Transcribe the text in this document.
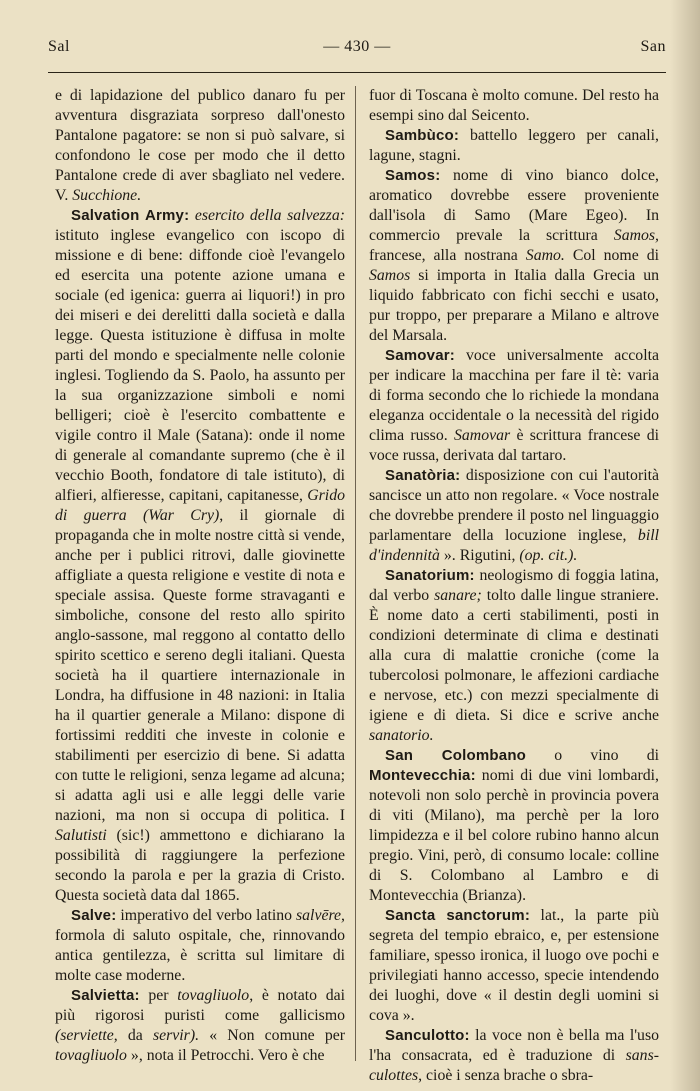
Sal	— 430 —	San

e di lapidazione del publico danaro fu per avventura disgraziata sorpreso dall'onesto Pantalone pagatore: se non si può salvare, si confondono le cose per modo che il detto Pantalone crede di aver sbagliato nel vedere. V. Succhione.

Salvation Army: esercito della salvezza: istituto inglese evangelico con iscopo di missione e di bene: diffonde cioè l'evangelo ed esercita una potente azione umana e sociale (ed igenica: guerra ai liquori!) in pro dei miseri e dei derelitti dalla società e dalla legge. Questa istituzione è diffusa in molte parti del mondo e specialmente nelle colonie inglesi. Togliendo da S. Paolo, ha assunto per la sua organizzazione simboli e nomi belligeri; cioè è l'esercito combattente e vigile contro il Male (Satana): onde il nome di generale al comandante supremo (che è il vecchio Booth, fondatore di tale istituto), di alfieri, alfieresse, capitani, capitanesse, Grido di guerra (War Cry), il giornale di propaganda che in molte nostre città si vende, anche per i publici ritrovi, dalle giovinette affigliate a questa religione e vestite di nota e speciale assisa. Queste forme stravaganti e simboliche, consone del resto allo spirito anglo-sassone, mal reggono al contatto dello spirito scettico e sereno degli italiani. Questa società ha il quartiere internazionale in Londra, ha diffusione in 48 nazioni: in Italia ha il quartier generale a Milano: dispone di fortissimi redditi che investe in colonie e stabilimenti per esercizio di bene. Si adatta con tutte le religioni, senza legame ad alcuna; si adatta agli usi e alle leggi delle varie nazioni, ma non si occupa di politica. I Salutisti (sic!) ammettono e dichiarano la possibilità di raggiungere la perfezione secondo la parola e per la grazia di Cristo. Questa società data dal 1865.

Salve: imperativo del verbo latino salvēre, formola di saluto ospitale, che, rinnovando antica gentilezza, è scritta sul limitare di molte case moderne.

Salvietta: per tovagliuolo, è notato dai più rigorosi puristi come gallicismo (serviette, da servir). « Non comune per tovagliuolo », nota il Petrocchi. Vero è che

fuor di Toscana è molto comune. Del resto ha esempi sino dal Seicento.

Sambùco: battello leggero per canali, lagune, stagni.

Samos: nome di vino bianco dolce, aromatico dovrebbe essere proveniente dall'isola di Samo (Mare Egeo). In commercio prevale la scrittura Samos, francese, alla nostrana Samo. Col nome di Samos si importa in Italia dalla Grecia un liquido fabbricato con fichi secchi e usato, pur troppo, per preparare a Milano e altrove del Marsala.

Samovar: voce universalmente accolta per indicare la macchina per fare il tè: varia di forma secondo che lo richiede la mondana eleganza occidentale o la necessità del rigido clima russo. Samovar è scrittura francese di voce russa, derivata dal tartaro.

Sanatòria: disposizione con cui l'autorità sancisce un atto non regolare. « Voce nostrale che dovrebbe prendere il posto nel linguaggio parlamentare della locuzione inglese, bill d'indennità ». Rigutini, (op. cit.).

Sanatorium: neologismo di foggia latina, dal verbo sanare; tolto dalle lingue straniere. È nome dato a certi stabilimenti, posti in condizioni determinate di clima e destinati alla cura di malattie croniche (come la tubercolosi polmonare, le affezioni cardiache e nervose, etc.) con mezzi specialmente di igiene e di dieta. Si dice e scrive anche sanatorio.

San Colombano o vino di Montevecchia: nomi di due vini lombardi, notevoli non solo perchè in provincia povera di viti (Milano), ma perchè per la loro limpidezza e il bel colore rubino hanno alcun pregio. Vini, però, di consumo locale: colline di S. Colombano al Lambro e di Montevecchia (Brianza).

Sancta sanctorum: lat., la parte più segreta del tempio ebraico, e, per estensione familiare, spesso ironica, il luogo ove pochi e privilegiati hanno accesso, specie intendendo dei luoghi, dove « il destin degli uomini si cova ».

Sanculotto: la voce non è bella ma l'uso l'ha consacrata, ed è traduzione di sans-culottes, cioè i senza brache o sbra-
